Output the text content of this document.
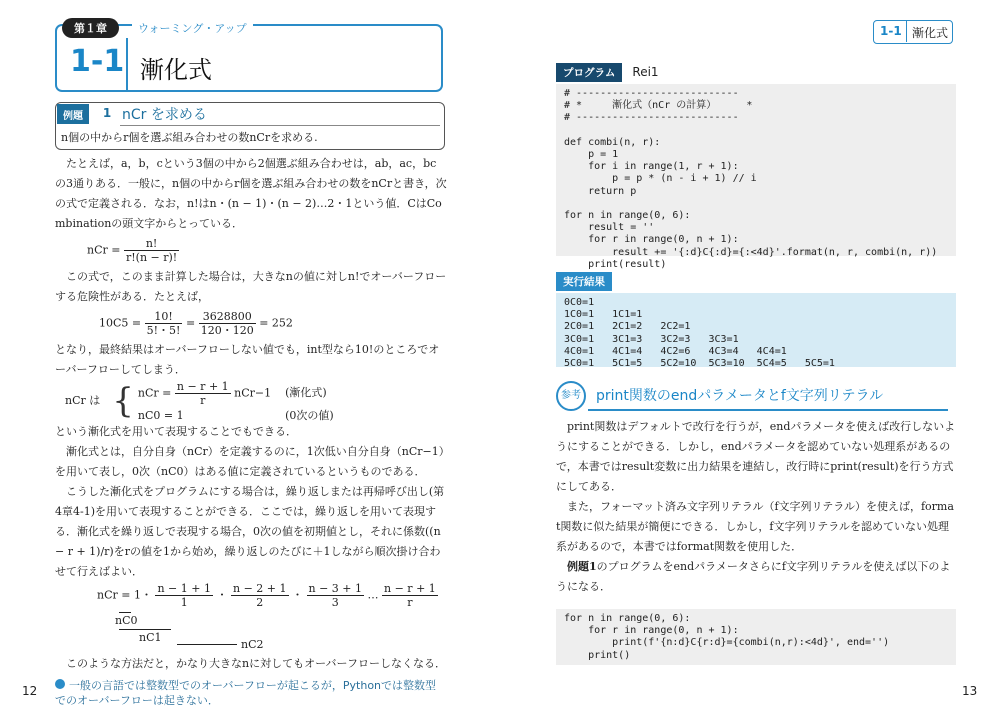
第１章	ウォーミング・アップ
1-1 漸化式
例題	1 nCr を求める
n個の中からr個を選ぶ組み合わせの数nCrを求める.
たとえば，a，b，cという3個の中から2個選ぶ組み合わせは，ab，ac，bcの3通りある．一般に，n個の中からr個を選ぶ組み合わせの数をnCrと書き，次の式で定義される．なお，n!はn・(n − 1)・(n − 2)…2・1という値．CはCombinationの頭文字からとっている．
nCr = $\frac{n!}{r!(n - r)!}$
この式で，このまま計算した場合は，大きなnの値に対しn!でオーバーフローする危険性がある．たとえば，
$10C5 = \frac{10!}{5!・5!} = \frac{3628800}{120・120} = 252$
となり，最終結果はオーバーフローしない値でも，int型なら10!のところでオーバーフローしてしまう．
nCr は { nCr = $\frac{n - r + 1}{r} nCr-1$ (漸化式)
nC0 = 1	(0次の値)
という漸化式を用いて表現することでもできる．
漸化式とは，自分自身（nCr）を定義するのに，1次低い自分自身（nCr−1）を用いて表し，0次（nC0）はある値に定義されているというものである．
こうした漸化式をプログラムにする場合は，繰り返しまたは再帰呼び出し(第4章4-1)を用いて表現することができる．ここでは，繰り返しを用いて表現する．漸化式を繰り返しで表現する場合，0次の値を初期値とし，それに係数((n − r + 1)/r)をrの値を1から始め，繰り返しのたびに＋1しながら順次掛け合わせて行えばよい．
nCr = 1・ $\frac{n - 1 + 1}{1}$ ・ $\frac{n - 2 + 1}{2}$ ・ $\frac{n - 3 + 1}{3}$ … $\frac{n - r + 1}{r}$
nC0
nC1
nC2
このような方法だと，かなり大きなnに対してもオーバーフローしなくなる．
一般の言語では整数型でのオーバーフローが起こるが，Pythonでは整数型でのオーバーフローは起きない．
12
1-1 漸化式
プログラム	Rei1
# ---------------------------
# *     漸化式（nCr の計算）     *
# ---------------------------

def combi(n, r):
p = 1
for i in range(1, r + 1):
p = p * (n - i + 1) // i
return p

for n in range(0, 6):
result = ''
for r in range(0, n + 1):
result += '{:d}C{:d}={:<4d}'.format(n, r, combi(n, r))
print(result)
実行結果
0C0=1
1C0=1   1C1=1
2C0=1   2C1=2   2C2=1
3C0=1   3C1=3   3C2=3   3C3=1
4C0=1   4C1=4   4C2=6   4C3=4   4C4=1
5C0=1   5C1=5   5C2=10  5C3=10  5C4=5   5C5=1
参考	print関数のendパラメータとf文字列リテラル
print関数はデフォルトで改行を行うが，endパラメータを使えば改行しないようにすることができる．しかし，endパラメータを認めていない処理系があるので，本書ではresult変数に出力結果を連結し，改行時にprint(result)を行う方式にしてある．
また，フォーマット済み文字列リテラル（f文字列リテラル）を使えば，format関数に似た結果が簡便にできる．しかし，f文字列リテラルを認めていない処理系があるので，本書ではformat関数を使用した．
例題1のプログラムをendパラメータさらにf文字列リテラルを使えば以下のようになる．
for n in range(0, 6):
for r in range(0, n + 1):
print(f'{n:d}C{r:d}={combi(n,r):<4d}', end='')
print()
13
